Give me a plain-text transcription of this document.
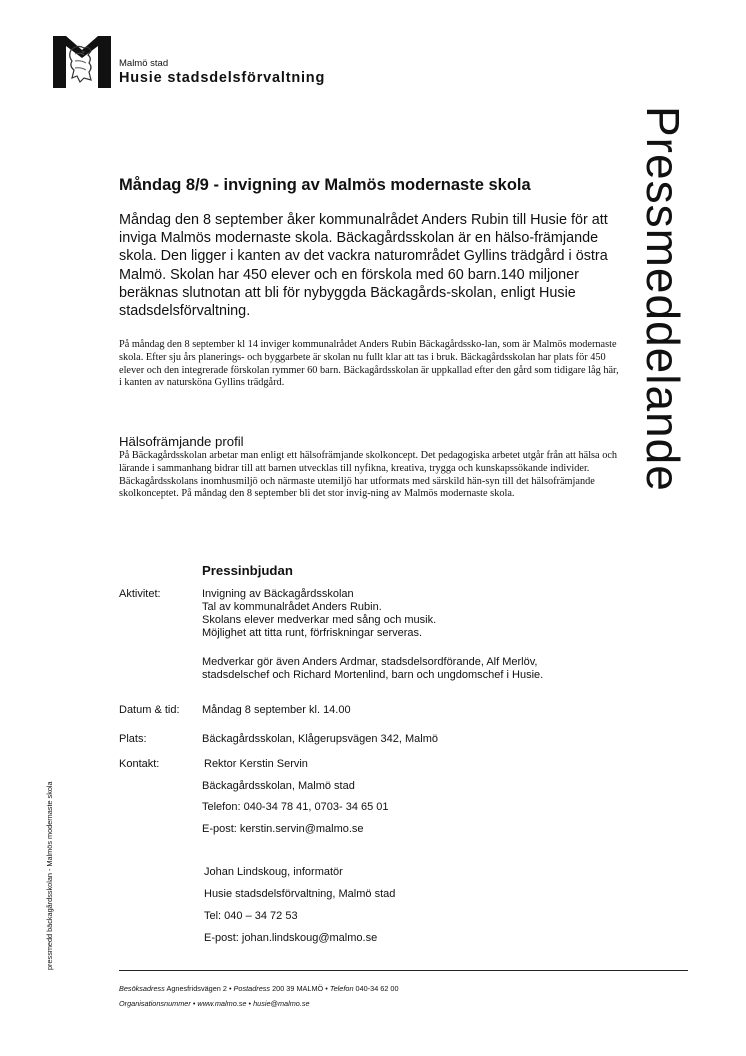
Malmö stad
Husie stadsdelsförvaltning
Pressmeddelande
Måndag 8/9 - invigning av Malmös modernaste skola

Måndag den 8 september åker kommunalrådet Anders Rubin till Husie för att inviga Malmös modernaste skola. Bäckagårdsskolan är en hälso-främjande skola. Den ligger i kanten av det vackra naturområdet Gyllins trädgård i östra Malmö. Skolan har 450 elever och en förskola med 60 barn.140 miljoner beräknas slutnotan att bli för nybyggda Bäckagårds-skolan, enligt Husie stadsdelsförvaltning.

På måndag den 8 september kl 14 inviger kommunalrådet Anders Rubin Bäckagårdssko-lan, som är Malmös modernaste skola. Efter sju års planerings- och byggarbete är skolan nu fullt klar att tas i bruk. Bäckagårdsskolan har plats för 450 elever och den integrerade förskolan rymmer 60 barn. Bäckagårdsskolan är uppkallad efter den gård som tidigare låg här, i kanten av natursköna Gyllins trädgård.

Hälsofrämjande profil

På Bäckagårdsskolan arbetar man enligt ett hälsofrämjande skolkoncept. Det pedagogiska arbetet utgår från att hälsa och lärande i sammanhang bidrar till att barnen utvecklas till nyfikna, kreativa, trygga och kunskapssökande individer.

Bäckagårdsskolans inomhusmiljö och närmaste utemiljö har utformats med särskild hän-syn till det hälsofrämjande skolkonceptet. På måndag den 8 september bli det stor invig-ning av Malmös modernaste skola.

Pressinbjudan
Aktivitet:	Invigning av Bäckagårdsskolan
Tal av kommunalrådet Anders Rubin.
Skolans elever medverkar med sång och musik.
Möjlighet att titta runt, förfriskningar serveras.

Medverkar gör även Anders Ardmar, stadsdelsordförande, Alf Merlöv, stadsdelschef och Richard Mortenlind, barn och ungdomschef i Husie.

Datum & tid: Måndag 8 september kl. 14.00
Plats:	Bäckagårdsskolan, Klågerupsvägen 342, Malmö
Kontakt:	Rektor Kerstin Servin
Bäckagårdsskolan, Malmö stad
Telefon: 040-34 78 41, 0703- 34 65 01
E-post: kerstin.servin@malmo.se
Johan Lindskoug, informatör
Husie stadsdelsförvaltning, Malmö stad
Tel: 040 – 34 72 53
E-post: johan.lindskoug@malmo.se
pressmedd bäckagårdsskolan - Malmös modernaste skola
Besöksadress Agnesfridsvägen 2 • Postadress 200 39 MALMÖ • Telefon 040-34 62 00
Organisationsnummer • www.malmo.se • husie@malmo.se
